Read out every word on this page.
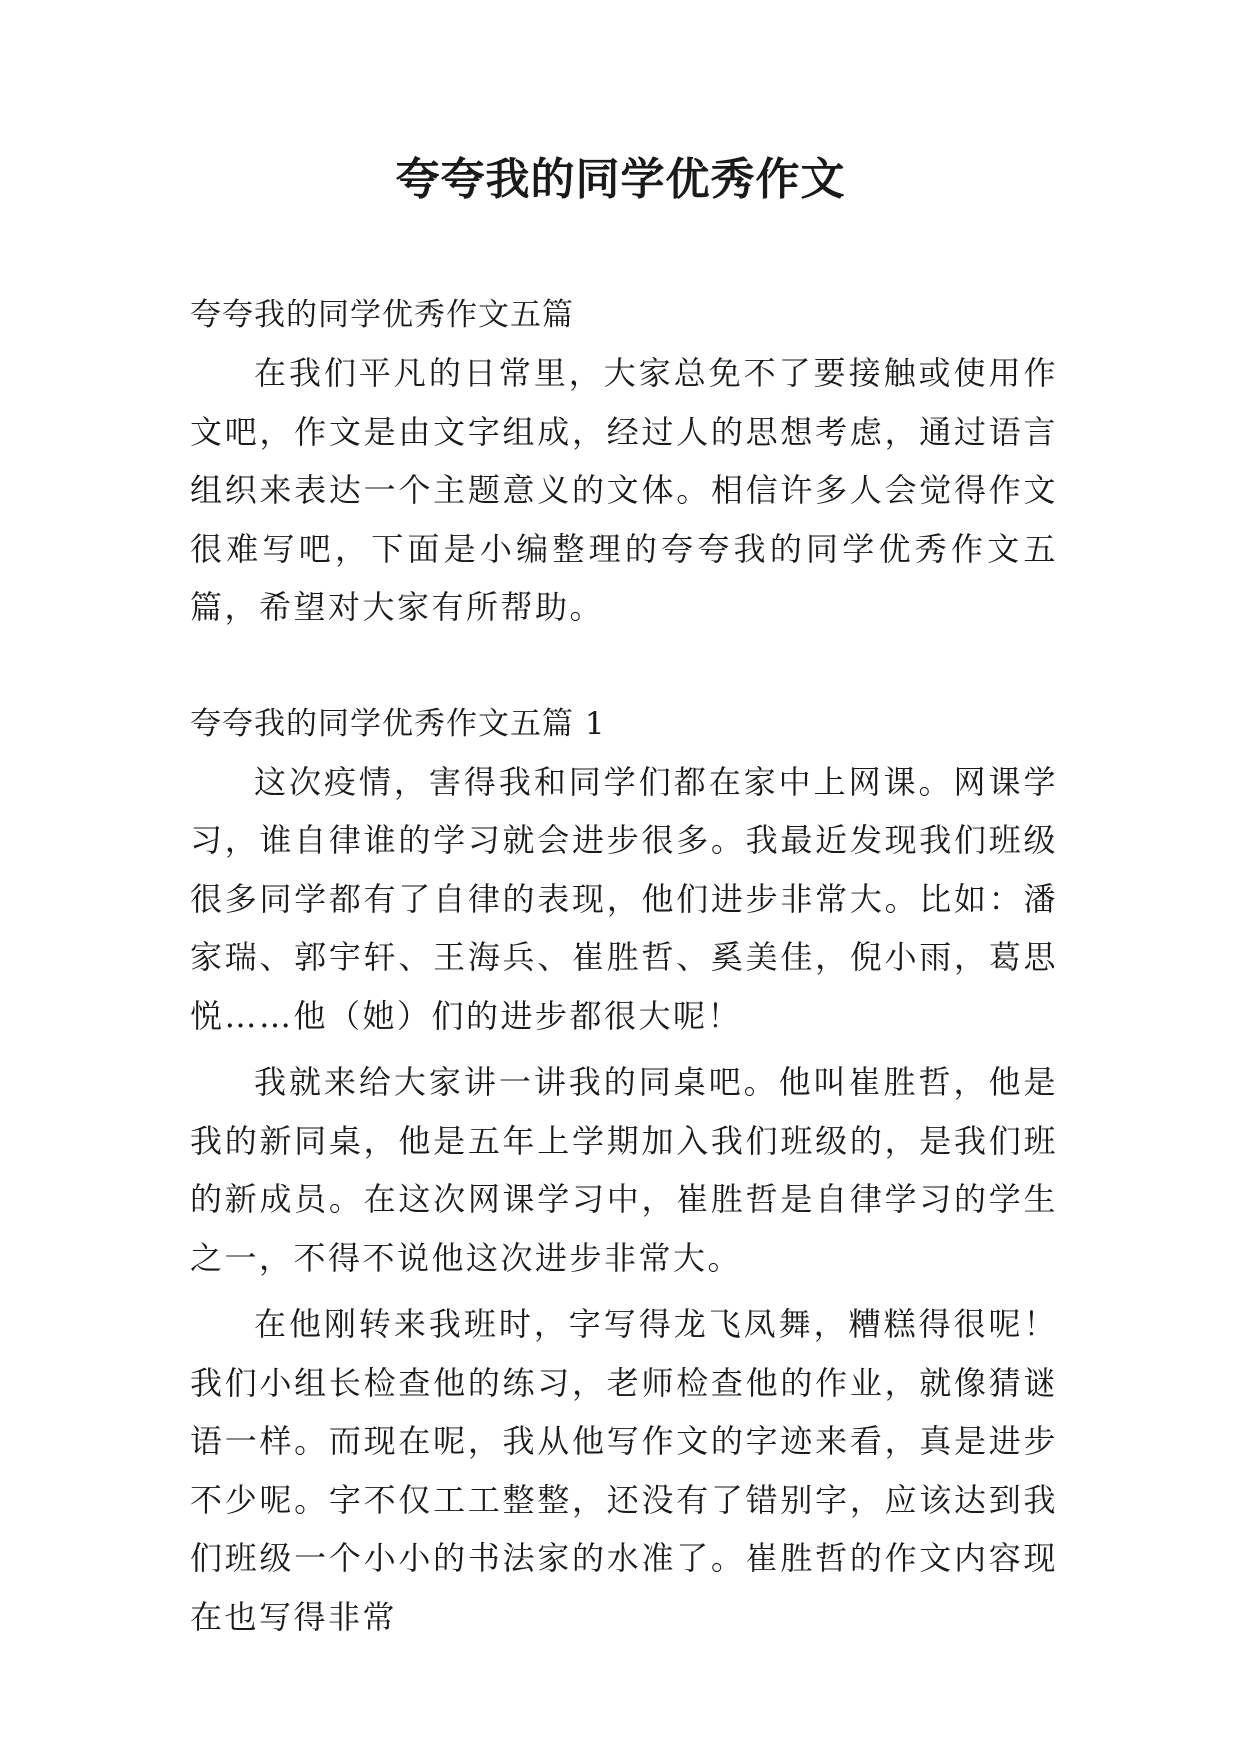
夸夸我的同学优秀作文
夸夸我的同学优秀作文五篇

在我们平凡的日常里，大家总免不了要接触或使用作文吧，作文是由文字组成，经过人的思想考虑，通过语言组织来表达一个主题意义的文体。相信许多人会觉得作文很难写吧，下面是小编整理的夸夸我的同学优秀作文五篇，希望对大家有所帮助。

夸夸我的同学优秀作文五篇 1

这次疫情，害得我和同学们都在家中上网课。网课学习，谁自律谁的学习就会进步很多。我最近发现我们班级很多同学都有了自律的表现，他们进步非常大。比如：潘家瑞、郭宇轩、王海兵、崔胜哲、奚美佳，倪小雨，葛思悦……他（她）们的进步都很大呢！

我就来给大家讲一讲我的同桌吧。他叫崔胜哲，他是我的新同桌，他是五年上学期加入我们班级的，是我们班的新成员。在这次网课学习中，崔胜哲是自律学习的学生之一，不得不说他这次进步非常大。

在他刚转来我班时，字写得龙飞凤舞，糟糕得很呢！我们小组长检查他的练习，老师检查他的作业，就像猜谜语一样。而现在呢，我从他写作文的字迹来看，真是进步不少呢。字不仅工工整整，还没有了错别字，应该达到我们班级一个小小的书法家的水准了。崔胜哲的作文内容现在也写得非常
